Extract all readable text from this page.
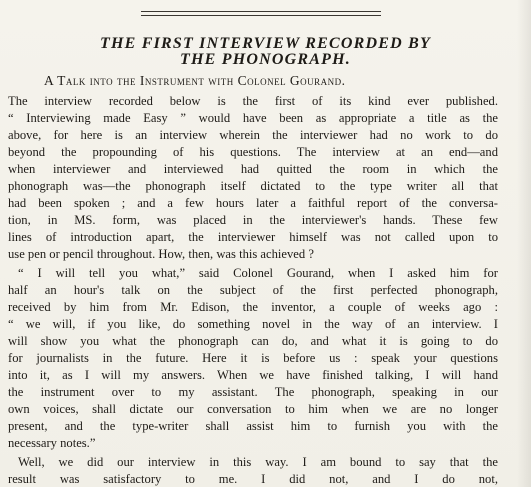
THE FIRST INTERVIEW RECORDED BY
THE PHONOGRAPH.
A Talk into the Instrument with Colonel Gourand.
The interview recorded below is the first of its kind ever published.
“ Interviewing made Easy ” would have been as appropriate a title as the
above, for here is an interview wherein the interviewer had no work to do
beyond the propounding of his questions. The interview at an end—and
when interviewer and interviewed had quitted the room in which the
phonograph was—the phonograph itself dictated to the type writer all that
had been spoken ; and a few hours later a faithful report of the conversa-
tion, in MS. form, was placed in the interviewer's hands. These few
lines of introduction apart, the interviewer himself was not called upon to
use pen or pencil throughout. How, then, was this achieved ?
“ I will tell you what,” said Colonel Gourand, when I asked him for
half an hour's talk on the subject of the first perfected phonograph,
received by him from Mr. Edison, the inventor, a couple of weeks ago :
“ we will, if you like, do something novel in the way of an interview. I
will show you what the phonograph can do, and what it is going to do
for journalists in the future. Here it is before us : speak your questions
into it, as I will my answers. When we have finished talking, I will hand
the instrument over to my assistant. The phonograph, speaking in our
own voices, shall dictate our conversation to him when we are no longer
present, and the type-writer shall assist him to furnish you with the
necessary notes.”
Well, we did our interview in this way. I am bound to say that the
result was satisfactory to me. I did not, and I do not,
